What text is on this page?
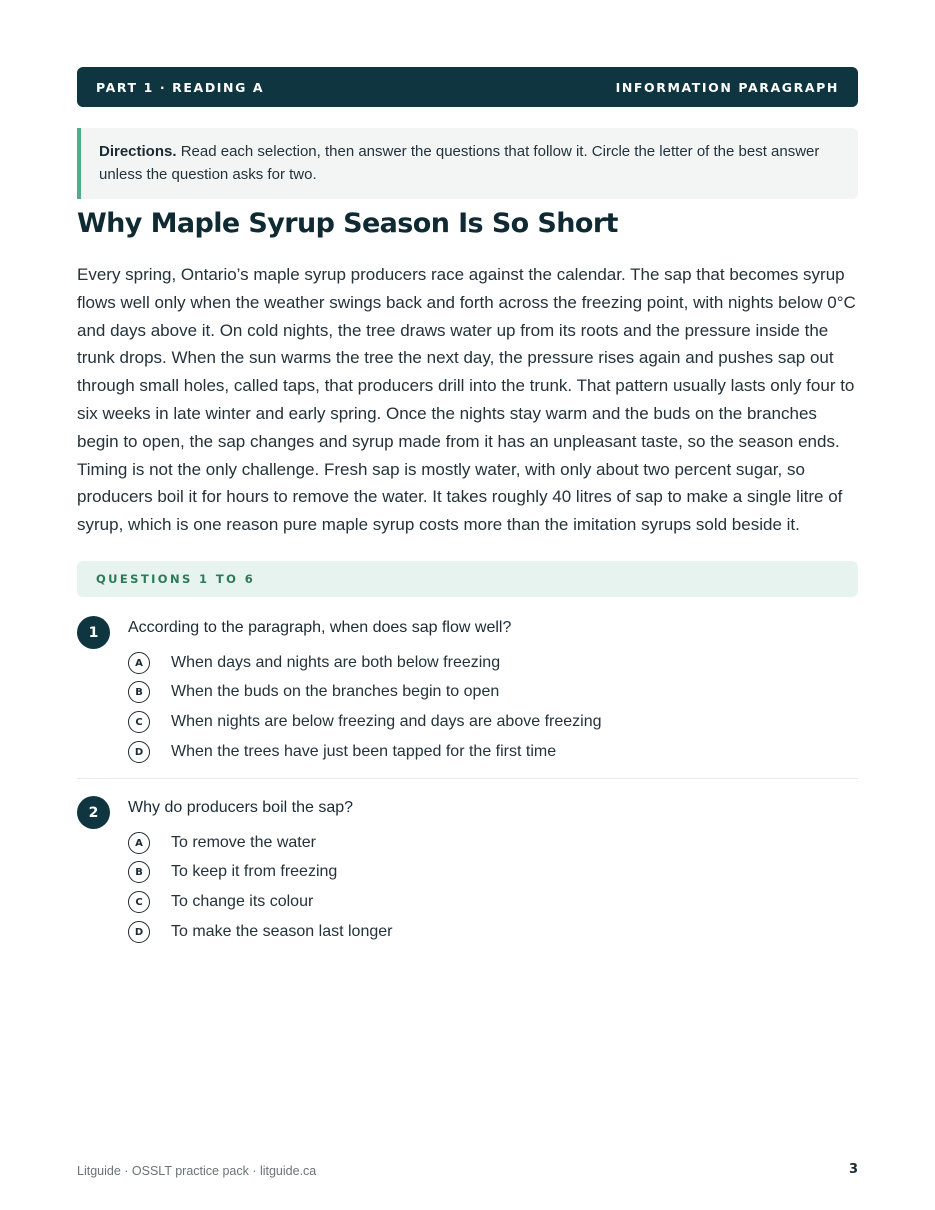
PART 1 · READING A	INFORMATION PARAGRAPH
Directions. Read each selection, then answer the questions that follow it. Circle the letter of the best answer unless the question asks for two.
Why Maple Syrup Season Is So Short

Every spring, Ontario’s maple syrup producers race against the calendar. The sap that becomes syrup flows well only when the weather swings back and forth across the freezing point, with nights below 0°C and days above it. On cold nights, the tree draws water up from its roots and the pressure inside the trunk drops. When the sun warms the tree the next day, the pressure rises again and pushes sap out through small holes, called taps, that producers drill into the trunk. That pattern usually lasts only four to six weeks in late winter and early spring. Once the nights stay warm and the buds on the branches begin to open, the sap changes and syrup made from it has an unpleasant taste, so the season ends. Timing is not the only challenge. Fresh sap is mostly water, with only about two percent sugar, so producers boil it for hours to remove the water. It takes roughly 40 litres of sap to make a single litre of syrup, which is one reason pure maple syrup costs more than the imitation syrups sold beside it.

QUESTIONS 1 TO 6
1	According to the paragraph, when does sap flow well?
A	When days and nights are both below freezing
B	When the buds on the branches begin to open
C	When nights are below freezing and days are above freezing
D	When the trees have just been tapped for the first time
2	Why do producers boil the sap?
A	To remove the water
B	To keep it from freezing
C	To change its colour
D	To make the season last longer
Litguide · OSSLT practice pack · litguide.ca	3
